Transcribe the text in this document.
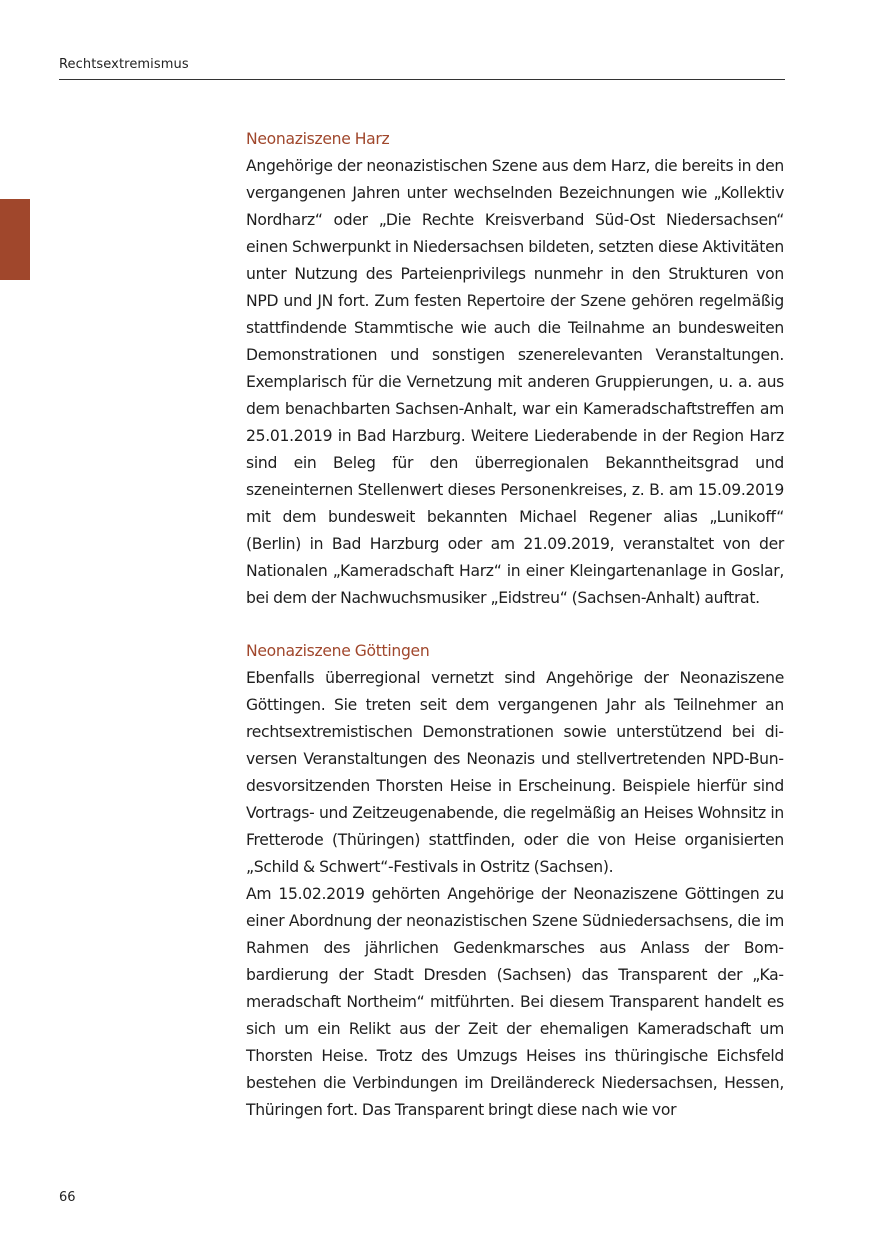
Rechtsextremismus
Neonaziszene Harz

Angehörige der neonazistischen Szene aus dem Harz, die bereits in den vergangenen Jahren unter wechselnden Bezeichnungen wie „Kollektiv Nordharz“ oder „Die Rechte Kreisverband Süd-Ost Niedersachsen“ einen Schwerpunkt in Niedersachsen bildeten, setzten diese Aktivitäten unter Nutzung des Parteienprivilegs nunmehr in den Strukturen von NPD und JN fort. Zum festen Repertoire der Szene gehören regelmäßig stattfindende Stammtische wie auch die Teilnahme an bundesweiten Demonstrationen und sonstigen szenerelevanten Veranstaltungen. Exemplarisch für die Vernetzung mit anderen Gruppierungen, u. a. aus dem benachbarten Sachsen-Anhalt, war ein Kameradschaftstreffen am 25.01.2019 in Bad Harzburg. Weitere Liederabende in der Region Harz sind ein Beleg für den überregionalen Bekanntheitsgrad und szeneinternen Stellenwert dieses Personenkreises, z. B. am 15.09.2019 mit dem bundesweit bekannten Michael Regener alias „Lunikoff“ (Berlin) in Bad Harzburg oder am 21.09.2019, veranstaltet von der Nationalen „Kameradschaft Harz“ in einer Kleingartenanlage in Goslar, bei dem der Nachwuchsmusiker „Eidstreu“ (Sachsen-Anhalt) auftrat.

Neonaziszene Göttingen

Ebenfalls überregional vernetzt sind Angehörige der Neonaziszene Göttingen. Sie treten seit dem vergangenen Jahr als Teilnehmer an rechtsextremistischen Demonstrationen sowie unterstützend bei diversen Veranstaltungen des Neonazis und stellvertretenden NPD-Bundesvorsitzenden Thorsten Heise in Erscheinung. Beispiele hierfür sind Vortrags- und Zeitzeugenabende, die regelmäßig an Heises Wohnsitz in Fretterode (Thüringen) stattfinden, oder die von Heise organisierten „Schild & Schwert“-Festivals in Ostritz (Sachsen).

Am 15.02.2019 gehörten Angehörige der Neonaziszene Göttingen zu einer Abordnung der neonazistischen Szene Südniedersachsens, die im Rahmen des jährlichen Gedenkmarsches aus Anlass der Bombardierung der Stadt Dresden (Sachsen) das Transparent der „Kameradschaft Northeim“ mitführten. Bei diesem Transparent handelt es sich um ein Relikt aus der Zeit der ehemaligen Kameradschaft um Thorsten Heise. Trotz des Umzugs Heises ins thüringische Eichsfeld bestehen die Verbindungen im Dreiländereck Niedersachsen, Hessen, Thüringen fort. Das Transparent bringt diese nach wie vor

66
